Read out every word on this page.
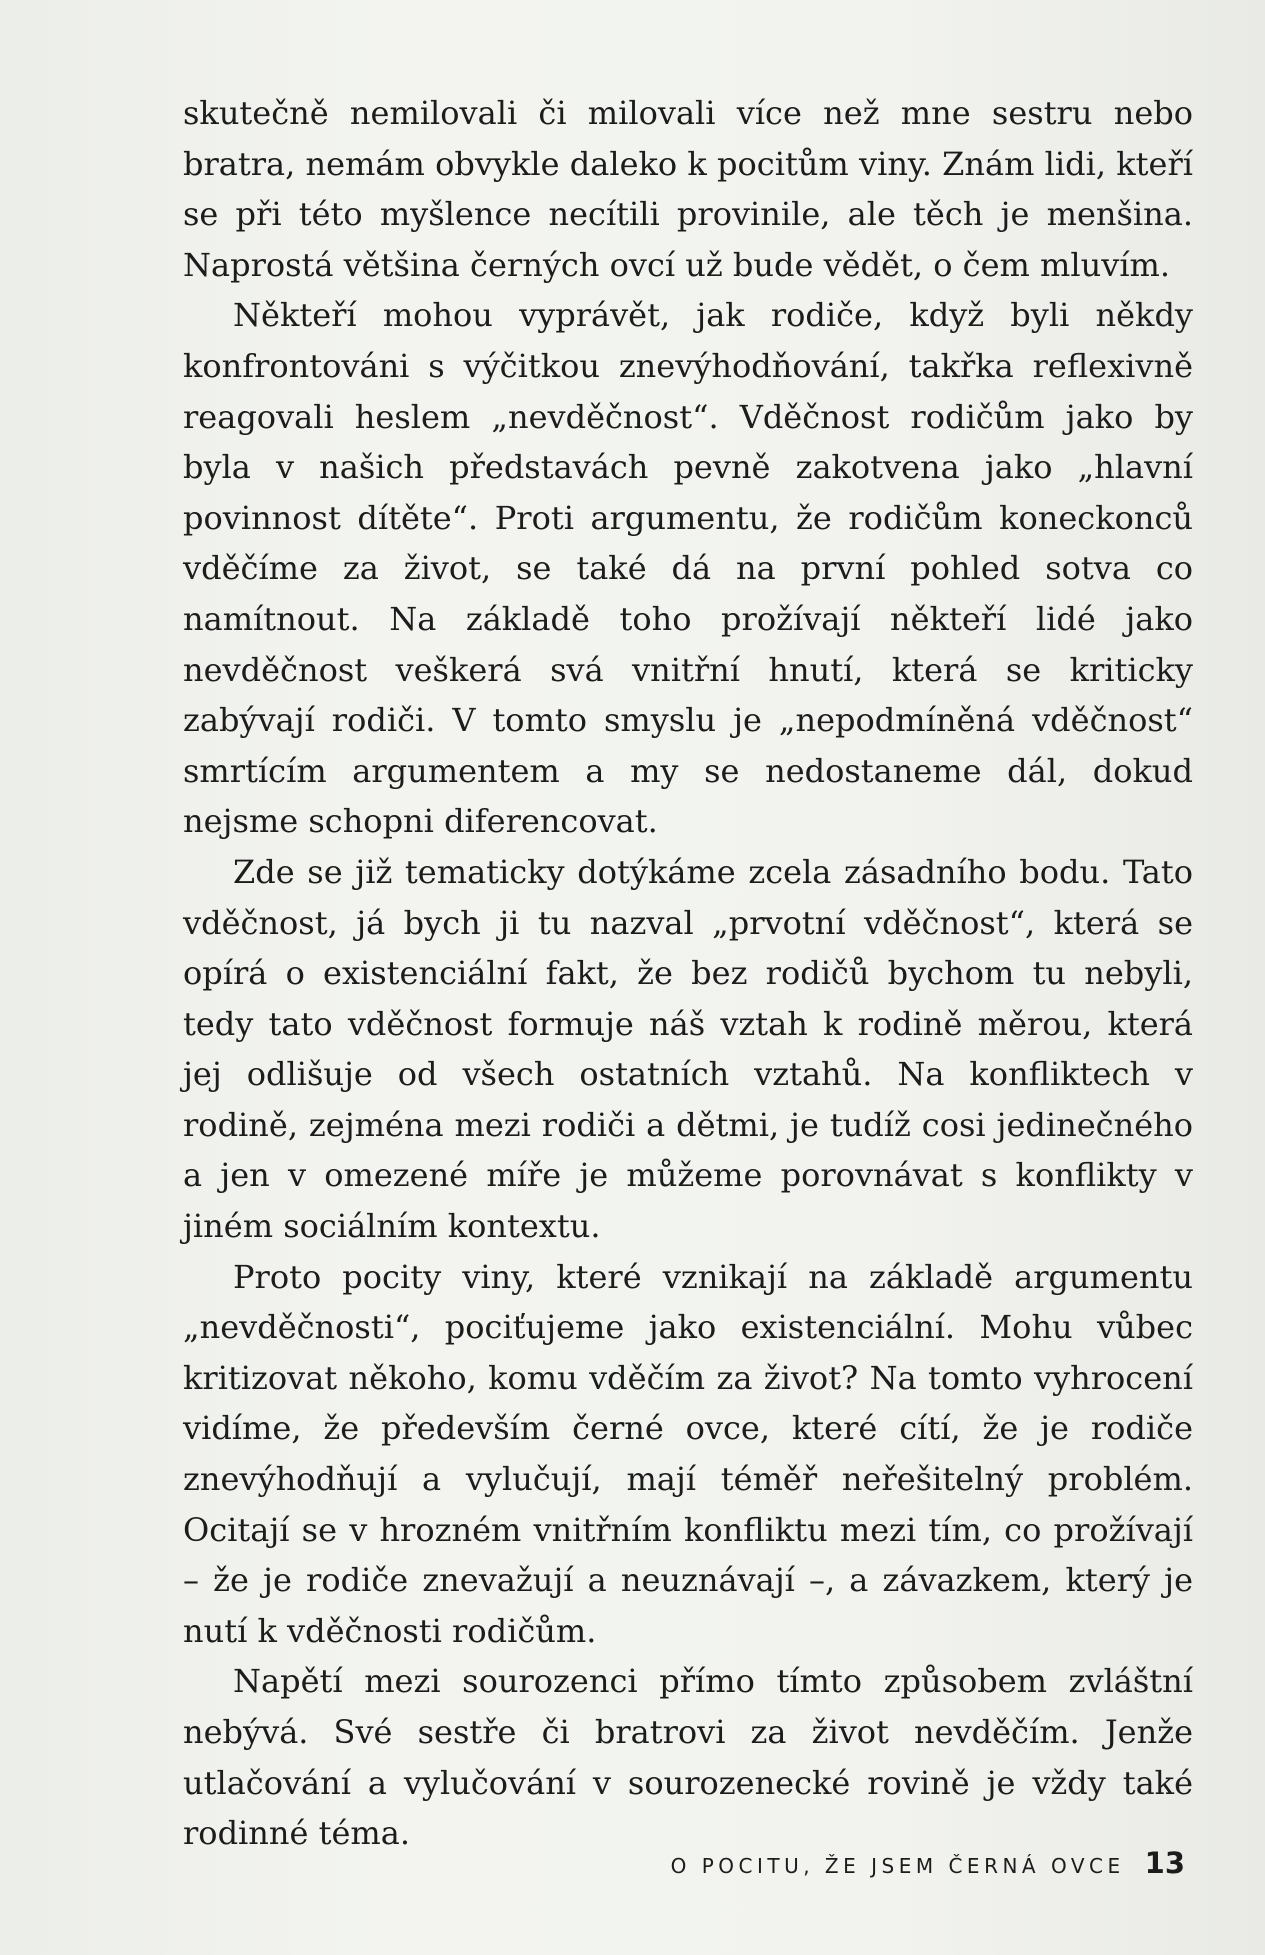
skutečně nemilovali či milovali více než mne sestru nebo bratra, nemám obvykle daleko k pocitům viny. Znám lidi, kteří se při této myšlence necítili provinile, ale těch je menšina. Naprostá většina černých ovcí už bude vědět, o čem mluvím.

Někteří mohou vyprávět, jak rodiče, když byli někdy konfrontováni s výčitkou znevýhodňování, takřka reflexivně reagovali heslem „nevděčnost“. Vděčnost rodičům jako by byla v našich představách pevně zakotvena jako „hlavní povinnost dítěte“. Proti argumentu, že rodičům koneckonců vděčíme za život, se také dá na první pohled sotva co namítnout. Na základě toho prožívají někteří lidé jako nevděčnost veškerá svá vnitřní hnutí, která se kriticky zabývají rodiči. V tomto smyslu je „nepodmíněná vděčnost“ smrtícím argumentem a my se nedostaneme dál, dokud nejsme schopni diferencovat.

Zde se již tematicky dotýkáme zcela zásadního bodu. Tato vděčnost, já bych ji tu nazval „prvotní vděčnost“, která se opírá o existenciální fakt, že bez rodičů bychom tu nebyli, tedy tato vděčnost formuje náš vztah k rodině měrou, která jej odlišuje od všech ostatních vztahů. Na konfliktech v rodině, zejména mezi rodiči a dětmi, je tudíž cosi jedinečného a jen v omezené míře je můžeme porovnávat s konflikty v jiném sociálním kontextu.

Proto pocity viny, které vznikají na základě argumentu „nevděčnosti“, pociťujeme jako existenciální. Mohu vůbec kritizovat někoho, komu vděčím za život? Na tomto vyhrocení vidíme, že především černé ovce, které cítí, že je rodiče znevýhodňují a vylučují, mají téměř neřešitelný problém. Ocitají se v hrozném vnitřním konfliktu mezi tím, co prožívají – že je rodiče znevažují a neuznávají –, a závazkem, který je nutí k vděčnosti rodičům.

Napětí mezi sourozenci přímo tímto způsobem zvláštní nebývá. Své sestře či bratrovi za život nevděčím. Jenže utlačování a vylučování v sourozenecké rovině je vždy také rodinné téma.

O POCITU, ŽE JSEM ČERNÁ OVCE 13
